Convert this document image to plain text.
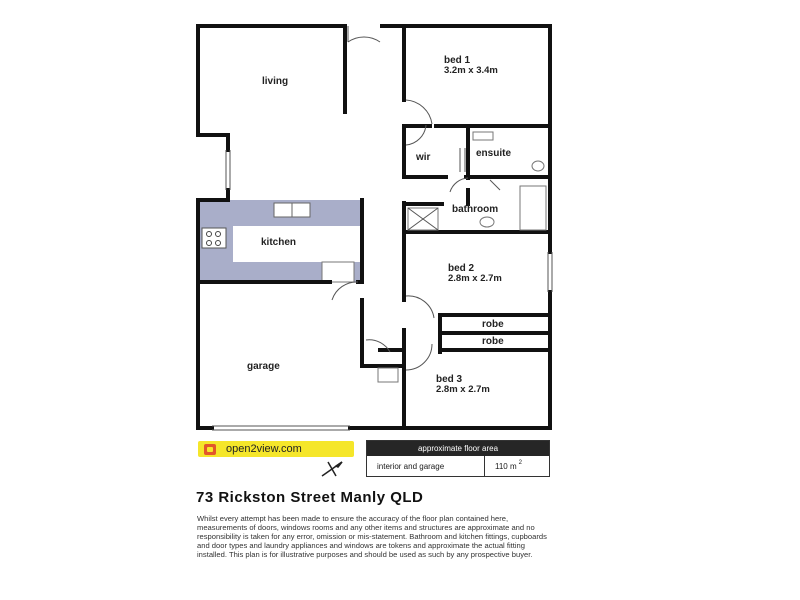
living
bed 1
3.2m x 3.4m
wir	ensuite
bathroom
kitchen
bed 2
2.8m x 2.7m
robe
robe
garage
bed 3
2.8m x 2.7m
open2view.com	approximate floor area
interior and garage	110 m $^2$
73 Rickston Street Manly QLD
Whilst every attempt has been made to ensure the accuracy of the floor plan contained here, measurements of doors, windows rooms and any other items and structures are approximate and no responsibility is taken for any error, omission or mis-statement. Bathroom and kitchen fittings, cupboards and door types and laundry appliances and windows are tokens and approximate the actual fitting installed. This plan is for illustrative purposes and should be used as such by any prospective buyer.
